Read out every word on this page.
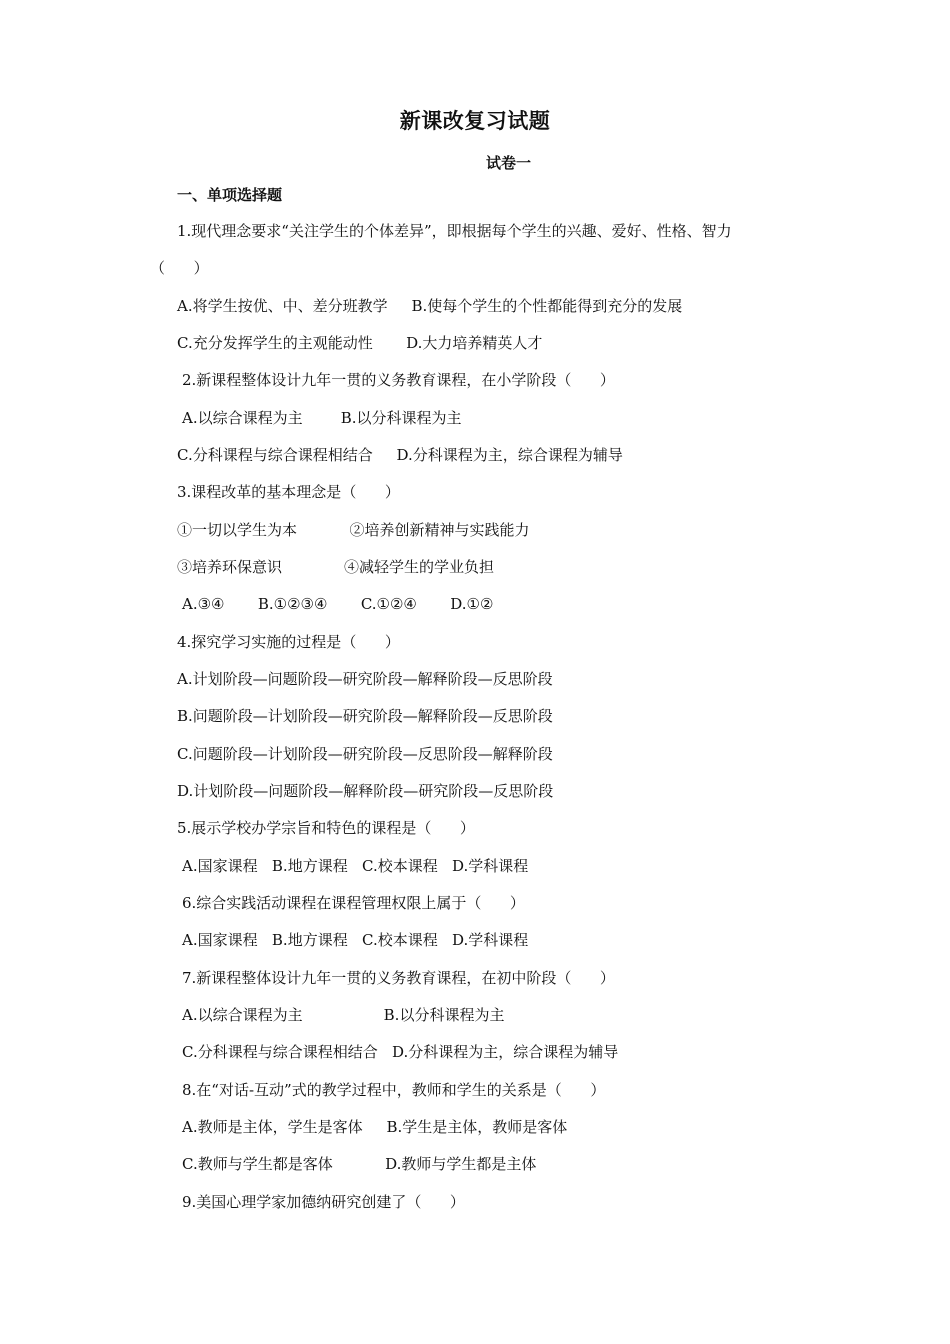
新课改复习试题
试卷一
一、单项选择题
1.现代理念要求“关注学生的个体差异”，即根据每个学生的兴趣、爱好、性格、智力
（      ）
A.将学生按优、中、差分班教学     B.使每个学生的个性都能得到充分的发展
C.充分发挥学生的主观能动性       D.大力培养精英人才
2.新课程整体设计九年一贯的义务教育课程，在小学阶段（      ）
A.以综合课程为主        B.以分科课程为主
C.分科课程与综合课程相结合     D.分科课程为主，综合课程为辅导
3.课程改革的基本理念是（      ）
①一切以学生为本           ②培养创新精神与实践能力
③培养环保意识             ④减轻学生的学业负担
A.③④       B.①②③④       C.①②④       D.①②
4.探究学习实施的过程是（      ）
A.计划阶段—问题阶段—研究阶段—解释阶段—反思阶段
B.问题阶段—计划阶段—研究阶段—解释阶段—反思阶段
C.问题阶段—计划阶段—研究阶段—反思阶段—解释阶段
D.计划阶段—问题阶段—解释阶段—研究阶段—反思阶段
5.展示学校办学宗旨和特色的课程是（      ）
A.国家课程   B.地方课程   C.校本课程   D.学科课程
6.综合实践活动课程在课程管理权限上属于（      ）
A.国家课程   B.地方课程   C.校本课程   D.学科课程
7.新课程整体设计九年一贯的义务教育课程，在初中阶段（      ）
A.以综合课程为主                 B.以分科课程为主
C.分科课程与综合课程相结合   D.分科课程为主，综合课程为辅导
8.在“对话-互动”式的教学过程中，教师和学生的关系是（      ）
A.教师是主体，学生是客体     B.学生是主体，教师是客体
C.教师与学生都是客体           D.教师与学生都是主体
9.美国心理学家加德纳研究创建了（      ）
